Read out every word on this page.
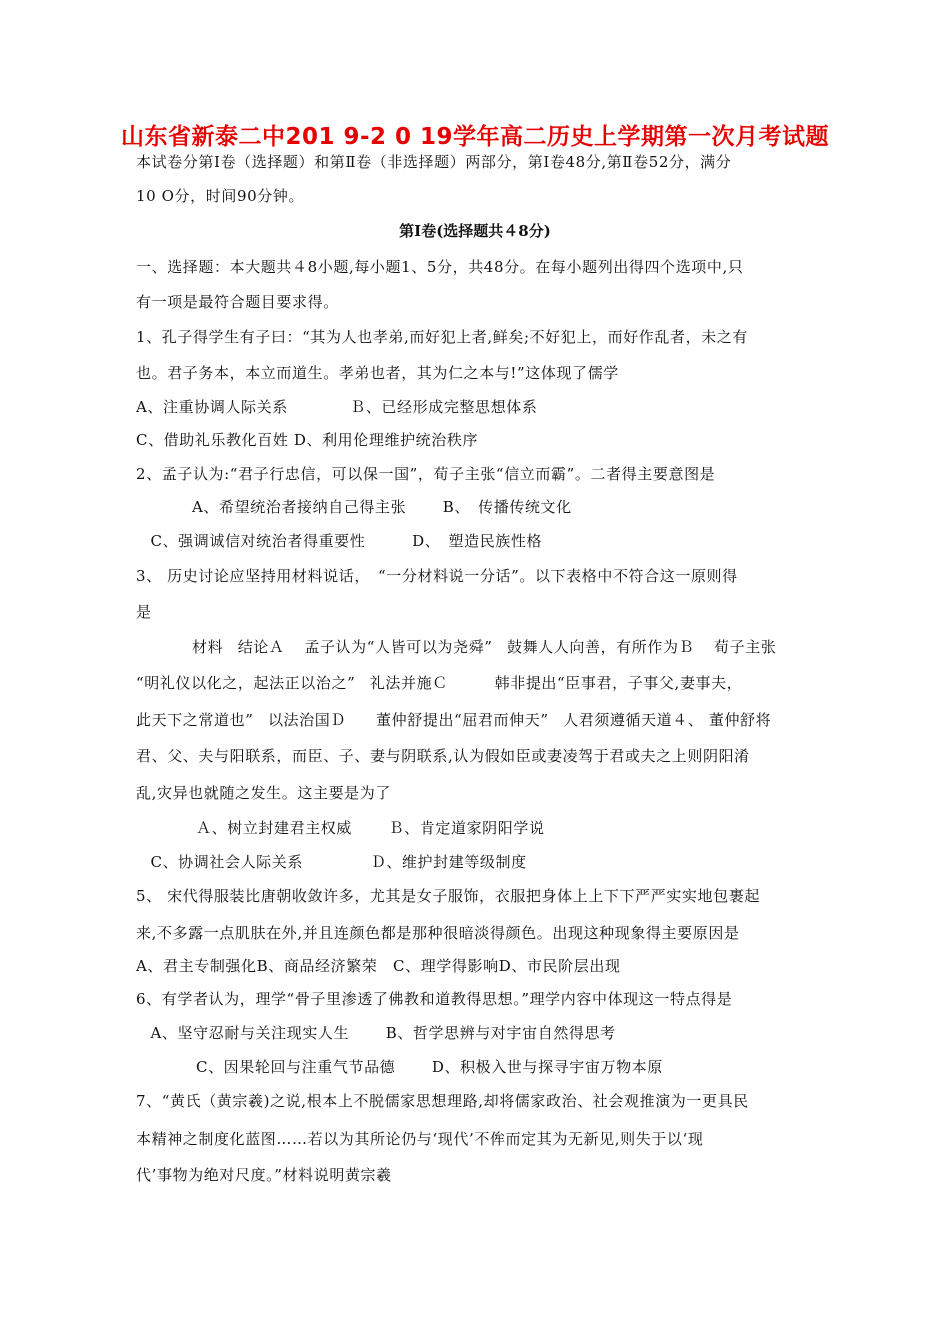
山东省新泰二中201 9-2 0 19学年高二历史上学期第一次月考试题
本试卷分第Ⅰ卷（选择题）和第Ⅱ卷（非选择题）两部分，第Ⅰ卷48分,第Ⅱ卷52分，满分
10 O分，时间90分钟。
第Ⅰ卷(选择题共４8分)
一、选择题：本大题共４8小题,每小题1、5分，共48分。在每小题列出得四个选项中,只
有一项是最符合题目要求得。
1、孔子得学生有子曰：“其为人也孝弟,而好犯上者,鲜矣;不好犯上，而好作乱者，未之有
也。君子务本，本立而道生。孝弟也者，其为仁之本与!”这体现了儒学
A、注重协调人际关系　　　　Ｂ、已经形成完整思想体系
C、借助礼乐教化百姓 D、利用伦理维护统治秩序
2、孟子认为:“君子行忠信，可以保一国”，荀子主张“信立而霸”。二者得主要意图是
A、希望统治者接纳自己得主张　　 B、　传播传统文化
ﾠC、强调诚信对统治者得重要性　　　D、　塑造民族性格
3、 历史讨论应坚持用材料说话，　“一分材料说一分话”。以下表格中不符合这一原则得
是
材料ﾠ结论Ａ ﾠ孟子认为“人皆可以为尧舜”ﾠ鼓舞人人向善，有所作为Ｂ ﾠ荀子主张
“明礼仪以化之，起法正以治之”ﾠ礼法并施Ｃ　　　韩非提出“臣事君，子事父,妻事夫，
此天下之常道也”ﾠ以法治国Ｄ　ﾠ董仲舒提出“屈君而伸天”ﾠ人君须遵循天道４、 董仲舒将
君、父、夫与阳联系，而臣、子、妻与阴联系,认为假如臣或妻凌驾于君或夫之上则阴阳淆
乱,灾异也就随之发生。这主要是为了
Ａ、树立封建君主权威　　 Ｂ、肯定道家阴阳学说
ﾠC、协调社会人际关系　　　　 Ｄ、维护封建等级制度
5、 宋代得服装比唐朝收敛许多，尤其是女子服饰，衣服把身体上上下下严严实实地包裹起
来,不多露一点肌肤在外,并且连颜色都是那种很暗淡得颜色。出现这种现象得主要原因是
A、君主专制强化B、商品经济繁荣　C、理学得影响D、市民阶层出现
6、有学者认为，理学“骨子里渗透了佛教和道教得思想。”理学内容中体现这一特点得是
ﾠA、坚守忍耐与关注现实人生　　 B、哲学思辨与对宇宙自然得思考
C、因果轮回与注重气节品德　　 D、积极入世与探寻宇宙万物本原
7、“黄氏（黄宗羲)之说,根本上不脱儒家思想理路,却将儒家政治、社会观推演为一更具民
本精神之制度化蓝图……若以为其所论仍与‘现代’不侔而定其为无新见,则失于以‘现
代’事物为绝对尺度。”材料说明黄宗羲
